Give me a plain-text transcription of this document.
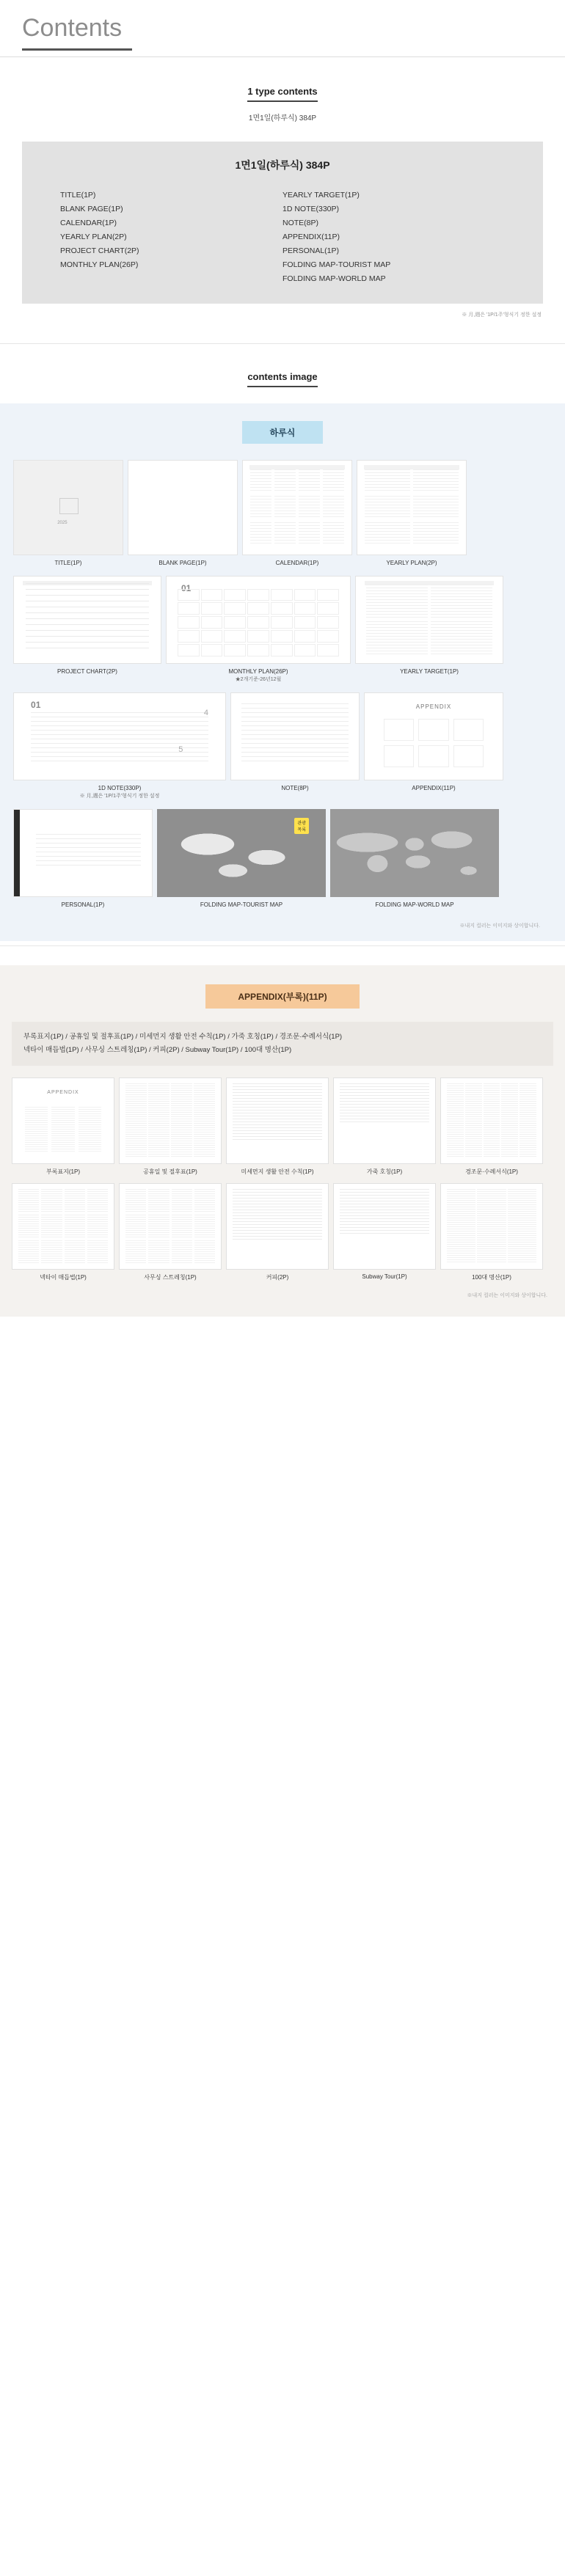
Contents
1 type contents
1면1일(하루식) 384P
1면1일(하루식) 384P
TITLE(1P)
BLANK PAGE(1P)
CALENDAR(1P)
YEARLY PLAN(2P)
PROJECT CHART(2P)
MONTHLY PLAN(26P)
YEARLY TARGET(1P)
1D NOTE(330P)
NOTE(8P)
APPENDIX(11P)
PERSONAL(1P)
FOLDING MAP-TOURIST MAP
FOLDING MAP-WORLD MAP
※ 月,週은 '1P/1주'형식기 정한 설정
contents image
하루식
2025
TITLE(1P)	BLANK PAGE(1P)	CALENDAR(1P)	YEARLY PLAN(2P)
PROJECT CHART(2P)
01
MONTHLY PLAN(26P)
★2개기준-26년12월
YEARLY TARGET(1P)
01
4
5
1D NOTE(330P)
※ 月,週은 '1P/1주'형식기 정한 설정
NOTE(8P)
APPENDIX
APPENDIX(11P)
PERSONAL(1P)
관광
목록
FOLDING MAP-TOURIST MAP	FOLDING MAP-WORLD MAP
※내지 컬러는 이미지와 상이합니다.
APPENDIX(부록)(11P)
부록표지(1P) / 공휴일 및 절후표(1P) / 미세먼지 생활 안전 수칙(1P) / 가죽 호칭(1P) / 경조문·수례서식(1P)
넥타이 매듭법(1P) / 사무싱 스트레칭(1P) / 커피(2P) / Subway Tour(1P) / 100대 명산(1P)
APPENDIX
부록표지(1P)	공휴일 및 절후표(1P)	미세먼지 생활 안전 수칙(1P)	가죽 호칭(1P)	경조문·수례서식(1P)
넥타이 매듭법(1P)	사무싱 스트레칭(1P)	커피(2P)	Subway Tour(1P)	100대 명산(1P)
※내지 컬러는 이미지와 상이합니다.
